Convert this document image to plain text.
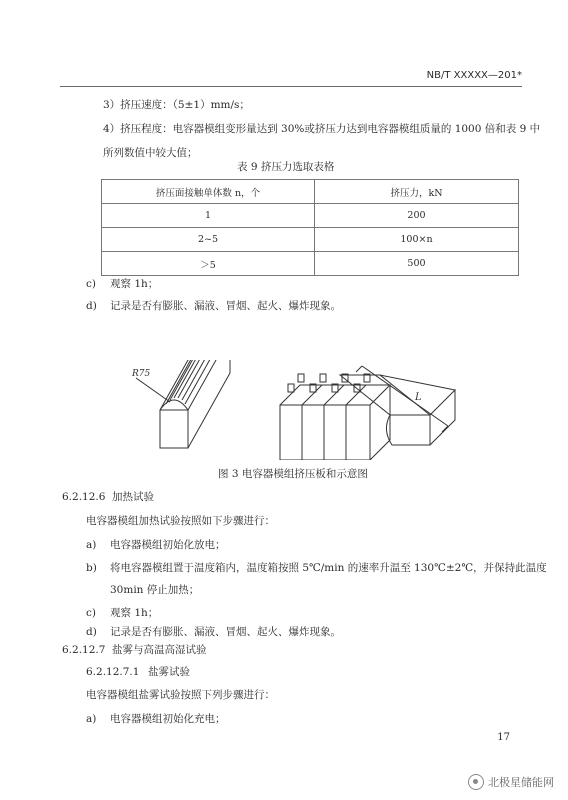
NB/T XXXXX—201*
3）挤压速度：（5±1）mm/s；
4）挤压程度：电容器模组变形量达到 30%或挤压力达到电容器模组质量的 1000 倍和表 9 中
所列数值中较大值；
表 9 挤压力选取表格
挤压面接触单体数 n，个	挤压力，kN
1	200
2~5	100×n
＞5	500
c) 观察 1h；
d) 记录是否有膨胀、漏液、冒烟、起火、爆炸现象。
R75
L
图 3 电容器模组挤压板和示意图
6.2.12.6 加热试验
电容器模组加热试验按照如下步骤进行：
a) 电容器模组初始化放电；
b) 将电容器模组置于温度箱内，温度箱按照 5℃/min 的速率升温至 130℃±2℃，并保持此温度
30min 停止加热；
c) 观察 1h；
d) 记录是否有膨胀、漏液、冒烟、起火、爆炸现象。
6.2.12.7 盐雾与高温高湿试验
6.2.12.7.1 盐雾试验
电容器模组盐雾试验按照下列步骤进行：
a) 电容器模组初始化充电；
17
北极星储能网
